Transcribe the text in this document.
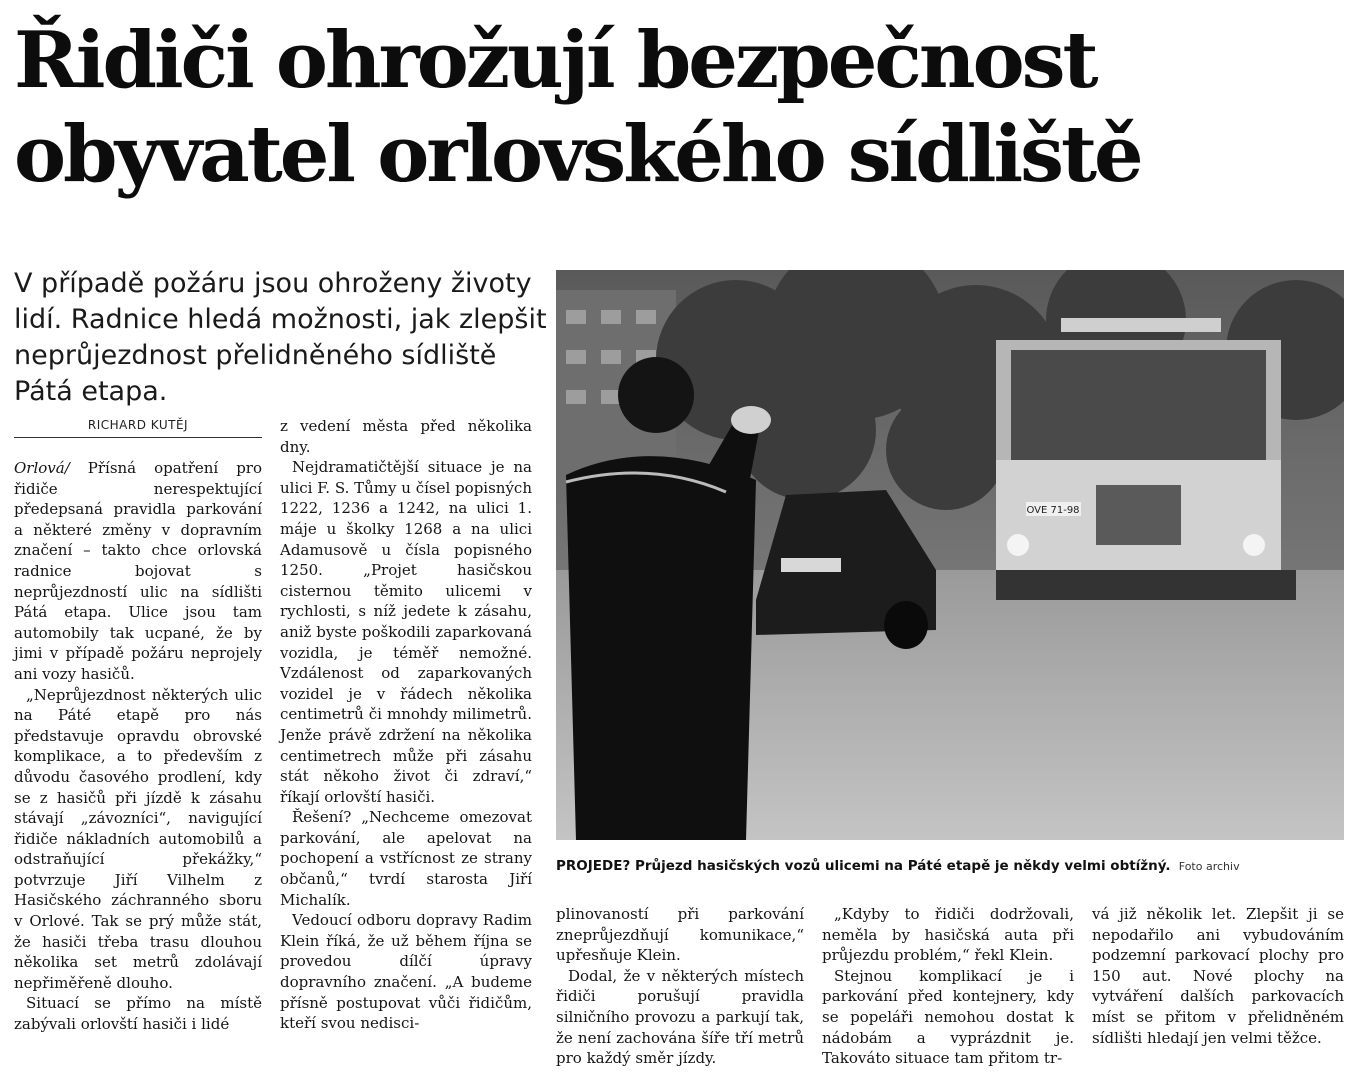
Řidiči ohrožují bezpečnost
obyvatel orlovského sídliště
V případě požáru jsou ohroženy životy
lidí. Radnice hledá možnosti, jak zlepšit
neprůjezdnost přelidněného sídliště
Pátá etapa.
RICHARD KUTĚJ

Orlová/ Přísná opatření pro řidiče nerespektující předepsaná pravidla parkování a některé změny v dopravním značení – takto chce orlovská radnice bojovat s neprůjezdností ulic na sídlišti Pátá etapa. Ulice jsou tam automobily tak ucpané, že by jimi v případě požáru neprojely ani vozy hasičů.

„Neprůjezdnost některých ulic na Páté etapě pro nás představuje opravdu obrovské komplikace, a to především z důvodu časového prodlení, kdy se z hasičů při jízdě k zásahu stávají „závozníci“, navigující řidiče nákladních automobilů a odstraňující překážky,“ potvrzuje Jiří Vilhelm z Hasičského záchranného sboru v Orlové. Tak se prý může stát, že hasiči třeba trasu dlouhou několika set metrů zdolávají nepřiměřeně dlouho.

Situací se přímo na místě zabývali orlovští hasiči i lidé

z vedení města před několika dny.

Nejdramatičtější situace je na ulici F. S. Tůmy u čísel popisných 1222, 1236 a 1242, na ulici 1. máje u školky 1268 a na ulici Adamusově u čísla popisného 1250. „Projet hasičskou cisternou těmito ulicemi v rychlosti, s níž jedete k zásahu, aniž byste poškodili zaparkovaná vozidla, je téměř nemožné. Vzdálenost od zaparkovaných vozidel je v řádech několika centimetrů či mnohdy milimetrů. Jenže právě zdržení na několika centimetrech může při zásahu stát někoho život či zdraví,“ říkají orlovští hasiči.

Řešení? „Nechceme omezovat parkování, ale apelovat na pochopení a vstřícnost ze strany občanů,“ tvrdí starosta Jiří Michalík.

Vedoucí odboru dopravy Radim Klein říká, že už během října se provedou dílčí úpravy dopravního značení. „A budeme přísně postupovat vůči řidičům, kteří svou nedisci-

OVE 71-98
PROJEDE? Průjezd hasičských vozů ulicemi na Páté etapě je někdy velmi obtížný. Foto archiv

plinovaností při parkování zneprůjezdňují komunikace,“ upřesňuje Klein.

Dodal, že v některých místech řidiči porušují pravidla silničního provozu a parkují tak, že není zachována šíře tří metrů pro každý směr jízdy.

„Kdyby to řidiči dodržovali, neměla by hasičská auta při průjezdu problém,“ řekl Klein.

Stejnou komplikací je i parkování před kontejnery, kdy se popeláři nemohou dostat k nádobám a vyprázdnit je. Takováto situace tam přitom tr-

vá již několik let. Zlepšit ji se nepodařilo ani vybudováním podzemní parkovací plochy pro 150 aut. Nové plochy na vytváření dalších parkovacích míst se přitom v přelidněném sídlišti hledají jen velmi těžce.
